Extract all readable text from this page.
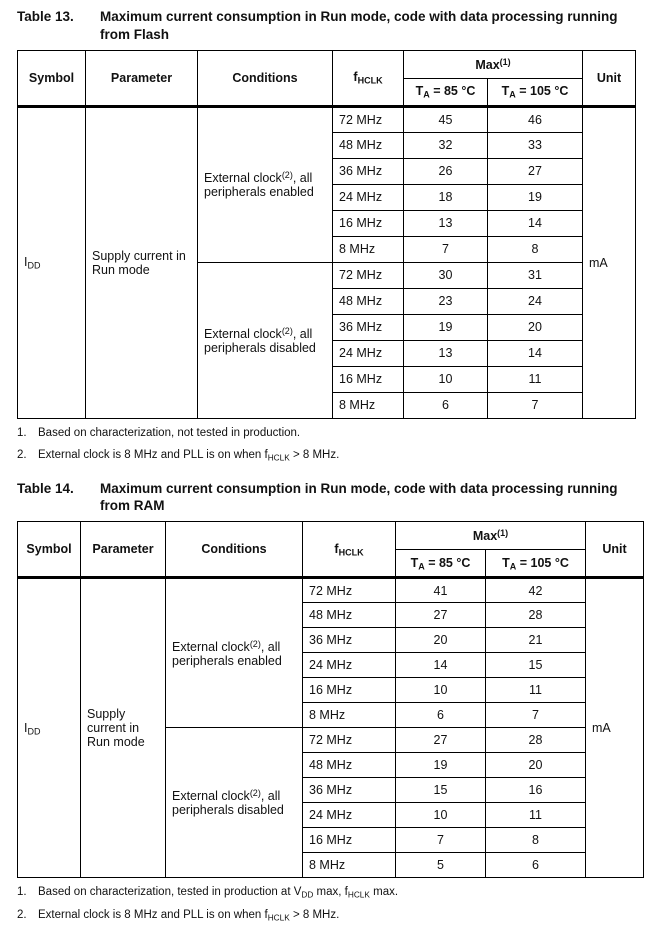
Table 13.	Maximum current consumption in Run mode, code with data processing running from Flash
Symbol	Parameter	Conditions	$f_{HCLK}$	Max$^{(1)}$		Unit
				$T_A = 85$ °C	$T_A = 105$ °C	
$I_{DD}$	Supply current in Run mode	External clock$^{(2)}$, all peripherals enabled	72 MHz	45	46	mA
			48 MHz	32	33	
			36 MHz	26	27	
			24 MHz	18	19	
			16 MHz	13	14	
			8 MHz	7	8	
		External clock$^{(2)}$, all peripherals disabled	72 MHz	30	31	
			48 MHz	23	24	
			36 MHz	19	20	
			24 MHz	13	14	
			16 MHz	10	11	
			8 MHz	6	7	
1. Based on characterization, not tested in production.
2. External clock is 8 MHz and PLL is on when $f_{HCLK} > 8$ MHz.
Table 14.	Maximum current consumption in Run mode, code with data processing running from RAM
Symbol	Parameter	Conditions	$f_{HCLK}$	Max$^{(1)}$		Unit
				$T_A = 85$ °C	$T_A = 105$ °C	
$I_{DD}$	Supply current in Run mode	External clock$^{(2)}$, all peripherals enabled	72 MHz	41	42	mA
			48 MHz	27	28	
			36 MHz	20	21	
			24 MHz	14	15	
			16 MHz	10	11	
			8 MHz	6	7	
		External clock$^{(2)}$, all peripherals disabled	72 MHz	27	28	
			48 MHz	19	20	
			36 MHz	15	16	
			24 MHz	10	11	
			16 MHz	7	8	
			8 MHz	5	6	
1. Based on characterization, tested in production at $V_{DD}$ max, $f_{HCLK}$ max.
2. External clock is 8 MHz and PLL is on when $f_{HCLK} > 8$ MHz.
